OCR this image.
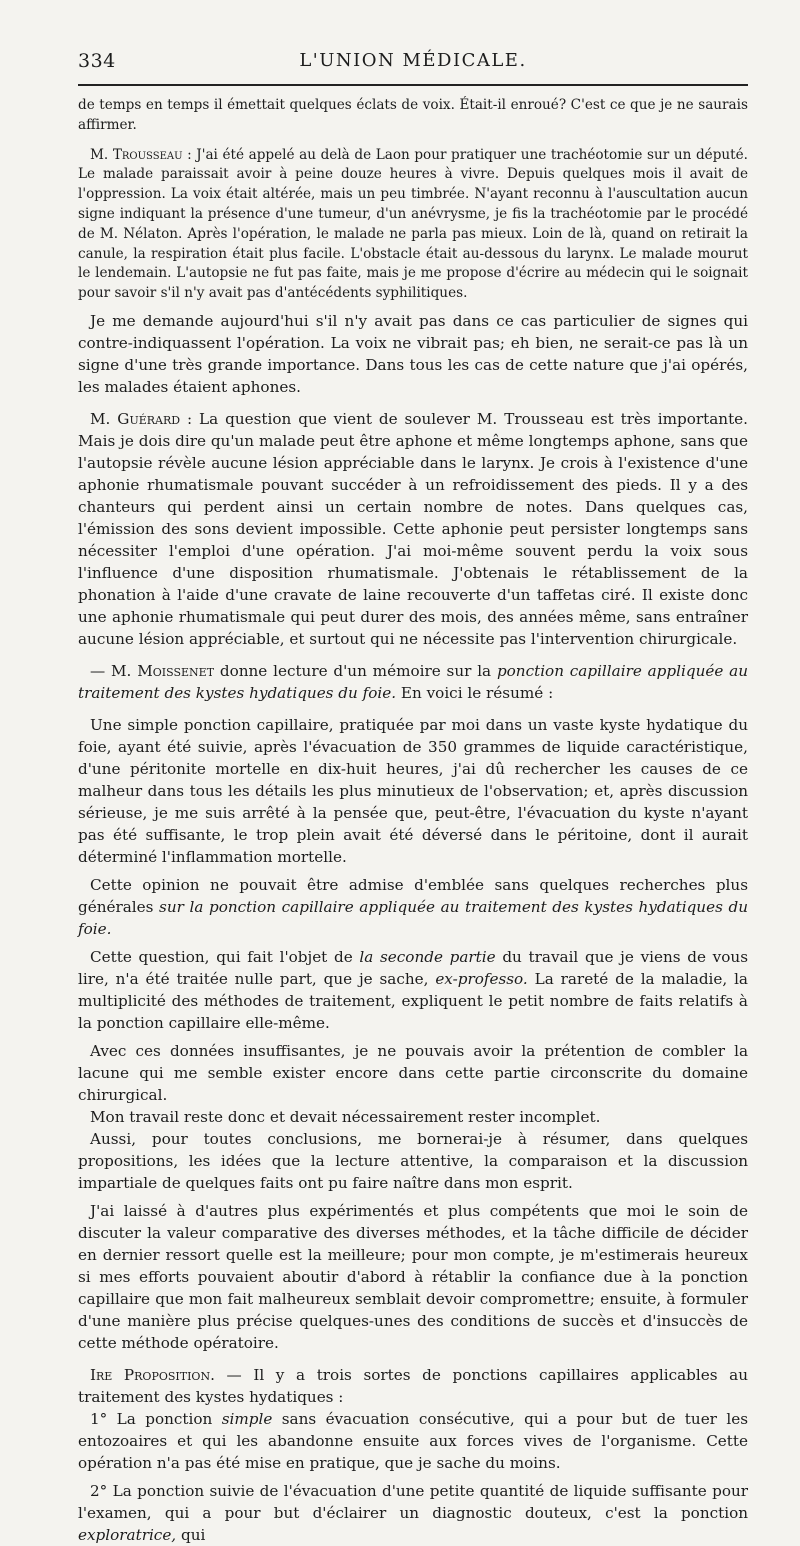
334	L'UNION MÉDICALE.

de temps en temps il émettait quelques éclats de voix. Était-il enroué? C'est ce que je ne saurais affirmer.

M. Trousseau : J'ai été appelé au delà de Laon pour pratiquer une trachéotomie sur un député. Le malade paraissait avoir à peine douze heures à vivre. Depuis quelques mois il avait de l'oppression. La voix était altérée, mais un peu timbrée. N'ayant reconnu à l'auscultation aucun signe indiquant la présence d'une tumeur, d'un anévrysme, je fis la trachéotomie par le procédé de M. Nélaton. Après l'opération, le malade ne parla pas mieux. Loin de là, quand on retirait la canule, la respiration était plus facile. L'obstacle était au-dessous du larynx. Le malade mourut le lendemain. L'autopsie ne fut pas faite, mais je me propose d'écrire au médecin qui le soignait pour savoir s'il n'y avait pas d'antécédents syphilitiques.

Je me demande aujourd'hui s'il n'y avait pas dans ce cas particulier de signes qui contre-indiquassent l'opération. La voix ne vibrait pas; eh bien, ne serait-ce pas là un signe d'une très grande importance. Dans tous les cas de cette nature que j'ai opérés, les malades étaient aphones.

M. Guérard : La question que vient de soulever M. Trousseau est très importante. Mais je dois dire qu'un malade peut être aphone et même longtemps aphone, sans que l'autopsie révèle aucune lésion appréciable dans le larynx. Je crois à l'existence d'une aphonie rhumatismale pouvant succéder à un refroidissement des pieds. Il y a des chanteurs qui perdent ainsi un certain nombre de notes. Dans quelques cas, l'émission des sons devient impossible. Cette aphonie peut persister longtemps sans nécessiter l'emploi d'une opération. J'ai moi-même souvent perdu la voix sous l'influence d'une disposition rhumatismale. J'obtenais le rétablissement de la phonation à l'aide d'une cravate de laine recouverte d'un taffetas ciré. Il existe donc une aphonie rhumatismale qui peut durer des mois, des années même, sans entraîner aucune lésion appréciable, et surtout qui ne nécessite pas l'intervention chirurgicale.

— M. Moissenet donne lecture d'un mémoire sur la ponction capillaire appliquée au traitement des kystes hydatiques du foie. En voici le résumé :

Une simple ponction capillaire, pratiquée par moi dans un vaste kyste hydatique du foie, ayant été suivie, après l'évacuation de 350 grammes de liquide caractéristique, d'une péritonite mortelle en dix-huit heures, j'ai dû rechercher les causes de ce malheur dans tous les détails les plus minutieux de l'observation; et, après discussion sérieuse, je me suis arrêté à la pensée que, peut-être, l'évacuation du kyste n'ayant pas été suffisante, le trop plein avait été déversé dans le péritoine, dont il aurait déterminé l'inflammation mortelle.

Cette opinion ne pouvait être admise d'emblée sans quelques recherches plus générales sur la ponction capillaire appliquée au traitement des kystes hydatiques du foie.

Cette question, qui fait l'objet de la seconde partie du travail que je viens de vous lire, n'a été traitée nulle part, que je sache, ex-professo. La rareté de la maladie, la multiplicité des méthodes de traitement, expliquent le petit nombre de faits relatifs à la ponction capillaire elle-même.

Avec ces données insuffisantes, je ne pouvais avoir la prétention de combler la lacune qui me semble exister encore dans cette partie circonscrite du domaine chirurgical.

Mon travail reste donc et devait nécessairement rester incomplet.

Aussi, pour toutes conclusions, me bornerai-je à résumer, dans quelques propositions, les idées que la lecture attentive, la comparaison et la discussion impartiale de quelques faits ont pu faire naître dans mon esprit.

J'ai laissé à d'autres plus expérimentés et plus compétents que moi le soin de discuter la valeur comparative des diverses méthodes, et la tâche difficile de décider en dernier ressort quelle est la meilleure; pour mon compte, je m'estimerais heureux si mes efforts pouvaient aboutir d'abord à rétablir la confiance due à la ponction capillaire que mon fait malheureux semblait devoir compromettre; ensuite, à formuler d'une manière plus précise quelques-unes des conditions de succès et d'insuccès de cette méthode opératoire.

Ire Proposition. — Il y a trois sortes de ponctions capillaires applicables au traitement des kystes hydatiques :

1° La ponction simple sans évacuation consécutive, qui a pour but de tuer les entozoaires et qui les abandonne ensuite aux forces vives de l'organisme. Cette opération n'a pas été mise en pratique, que je sache du moins.

2° La ponction suivie de l'évacuation d'une petite quantité de liquide suffisante pour l'examen, qui a pour but d'éclairer un diagnostic douteux, c'est la ponction exploratrice, qui
